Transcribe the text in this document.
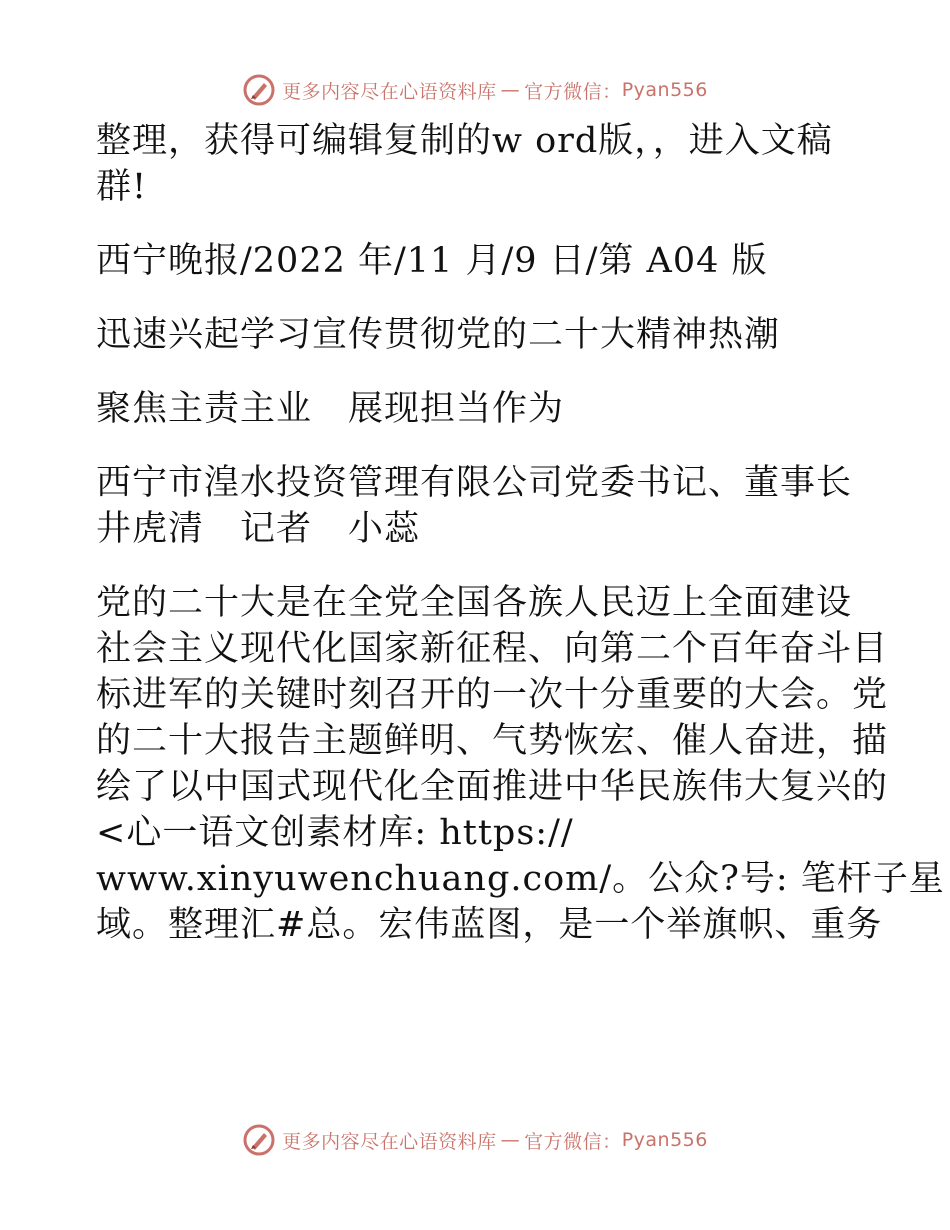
更多内容尽在心语资料库 — 官方微信： Pyan556

整理，获得可编辑复制的w ord版，，进入文稿
群!

西宁晚报/2022 年/11 月/9 日/第 A04 版

迅速兴起学习宣传贯彻党的二十大精神热潮

聚焦主责主业　展现担当作为

西宁市湟水投资管理有限公司党委书记、董事长
井虎清　记者　小蕊

党的二十大是在全党全国各族人民迈上全面建设
社会主义现代化国家新征程、向第二个百年奋斗目
标进军的关键时刻召开的一次十分重要的大会。党
的二十大报告主题鲜明、气势恢宏、催人奋进，描
绘了以中国式现代化全面推进中华民族伟大复兴的
<心一语文创素材库: https://
www.xinyuwenchuang.com/。公众?号: 笔杆子星
域。整理汇#总。宏伟蓝图，是一个举旗帜、重务

更多内容尽在心语资料库 — 官方微信： Pyan556
